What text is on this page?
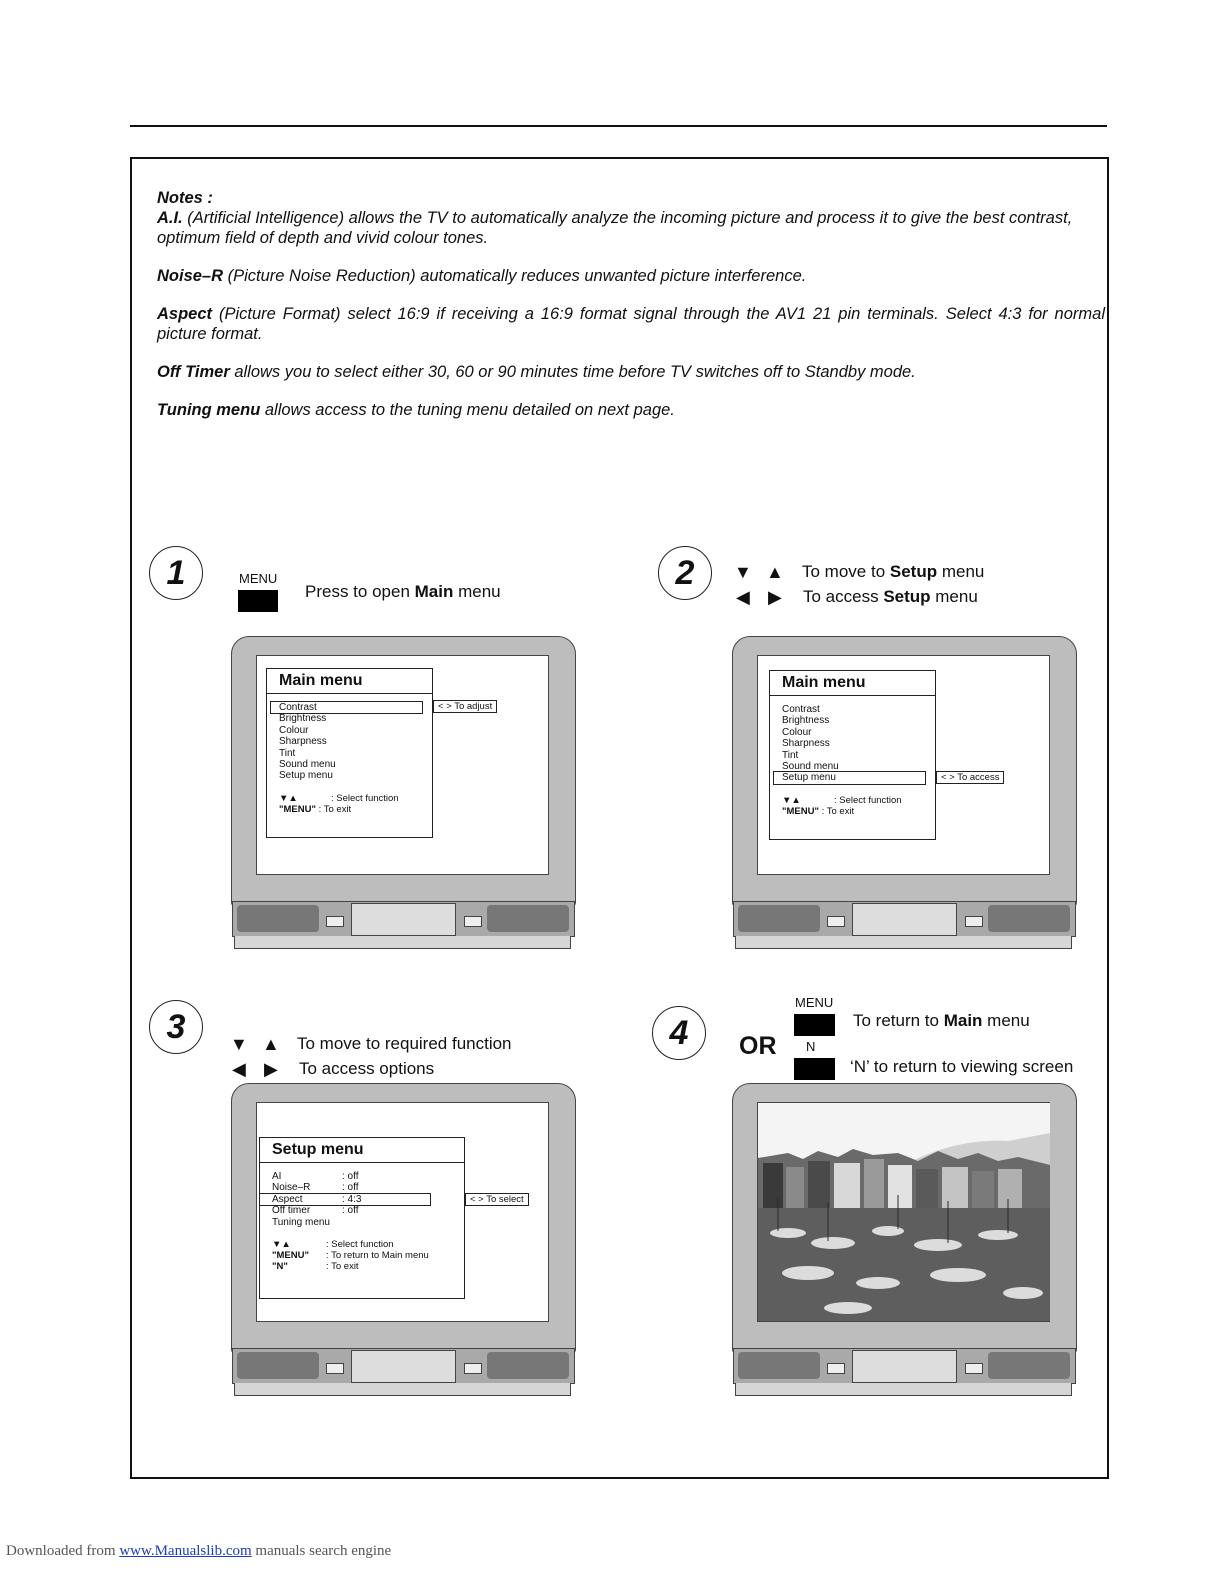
Notes :

A.I. (Artificial Intelligence) allows the TV to automatically analyze the incoming picture and process it to give the best contrast, optimum field of depth and vivid colour tones.

Noise–R (Picture Noise Reduction) automatically reduces unwanted picture interference.

Aspect (Picture Format) select 16:9 if receiving a 16:9 format signal through the AV1 21 pin terminals. Select 4:3 for normal picture format.

Off Timer allows you to select either 30, 60 or 90 minutes time before TV switches off to Standby mode.

Tuning menu allows access to the tuning menu detailed on next page.

1	MENU
Press to open Main menu
Main menu
Contrast
Brightness
Colour
Sharpness
Tint
Sound menu
Setup menu
▼▲	: Select function
"MENU" : To exit
< > To adjust
2	▼ ▲ To move to Setup menu
◀ ▶ To access Setup menu
Main menu
Contrast
Brightness
Colour
Sharpness
Tint
Sound menu
Setup menu
▼▲	: Select function
"MENU" : To exit
< > To access
3	▼ ▲ To move to required function
◀ ▶ To access options
Setup menu
AI	: off
Noise–R	: off
Aspect	: 4:3
Off timer	: off
Tuning menu
▼▲	: Select function
"MENU" : To return to Main menu
"N"	: To exit
< > To select
4
MENU
To return to Main menu
OR N
‘N’ to return to viewing screen
Downloaded from www.Manualslib.com manuals search engine
